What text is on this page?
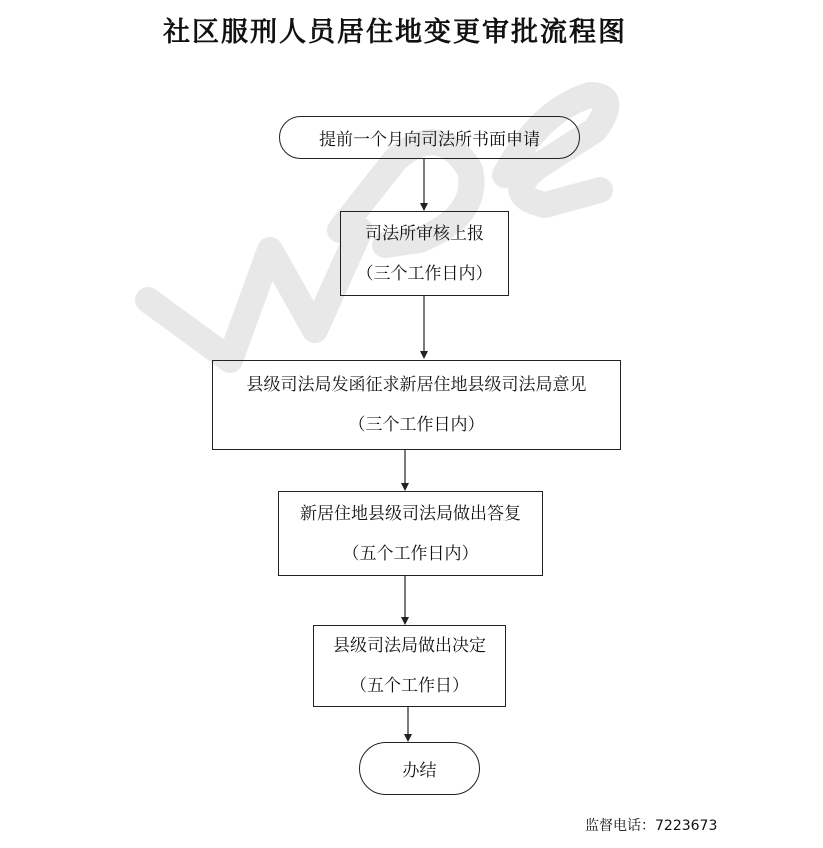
社区服刑人员居住地变更审批流程图
提前一个月向司法所书面申请
司法所审核上报
（三个工作日内）
县级司法局发函征求新居住地县级司法局意见
（三个工作日内）
新居住地县级司法局做出答复
（五个工作日内）
县级司法局做出决定
（五个工作日）
办结
监督电话：7223673
